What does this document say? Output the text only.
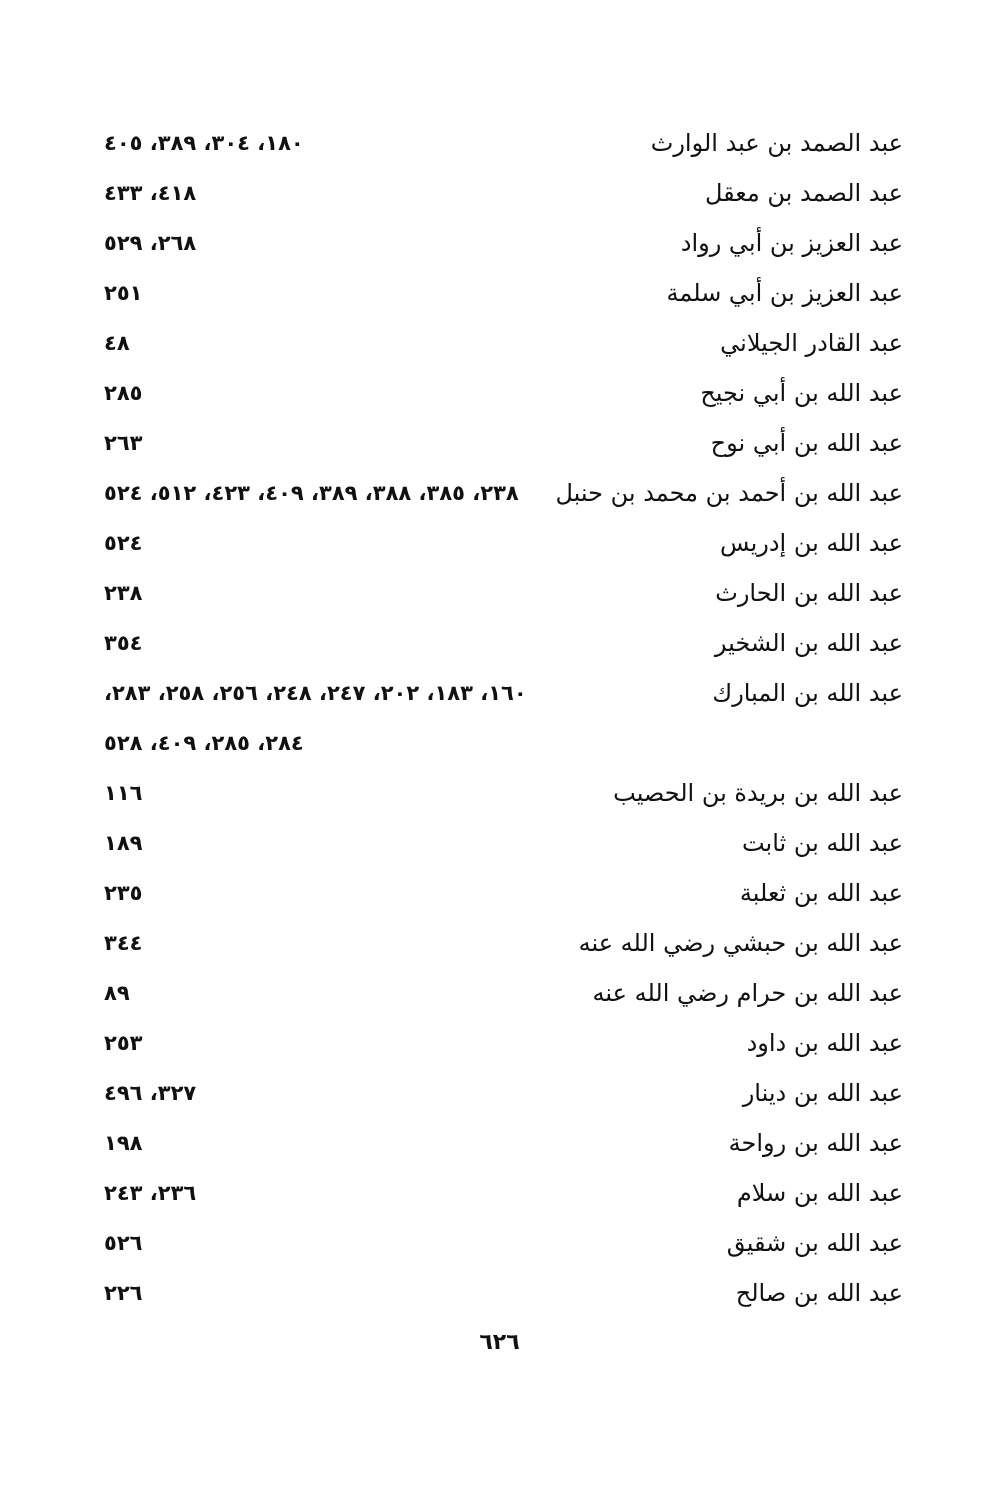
عبد الصمد بن عبد الوارث
١٨٠، ٣٠٤، ٣٨٩، ٤٠٥
عبد الصمد بن معقل
٤١٨، ٤٣٣
عبد العزيز بن أبي رواد
٢٦٨، ٥٢٩
عبد العزيز بن أبي سلمة
٢٥١
عبد القادر الجيلاني
٤٨
عبد الله بن أبي نجيح
٢٨٥
عبد الله بن أبي نوح
٢٦٣
عبد الله بن أحمد بن محمد بن حنبل
٢٣٨، ٣٨٥، ٣٨٨، ٣٨٩، ٤٠٩، ٤٢٣، ٥١٢، ٥٢٤
عبد الله بن إدريس
٥٢٤
عبد الله بن الحارث
٢٣٨
عبد الله بن الشخير
٣٥٤
عبد الله بن المبارك
١٦٠، ١٨٣، ٢٠٢، ٢٤٧، ٢٤٨، ٢٥٦، ٢٥٨، ٢٨٣،
٢٨٤، ٢٨٥، ٤٠٩، ٥٢٨
عبد الله بن بريدة بن الحصيب
١١٦
عبد الله بن ثابت
١٨٩
عبد الله بن ثعلبة
٢٣٥
عبد الله بن حبشي رضي الله عنه
٣٤٤
عبد الله بن حرام رضي الله عنه
٨٩
عبد الله بن داود
٢٥٣
عبد الله بن دينار
٣٢٧، ٤٩٦
عبد الله بن رواحة
١٩٨
عبد الله بن سلام
٢٣٦، ٢٤٣
عبد الله بن شقيق
٥٢٦
عبد الله بن صالح
٢٢٦
٦٢٦
